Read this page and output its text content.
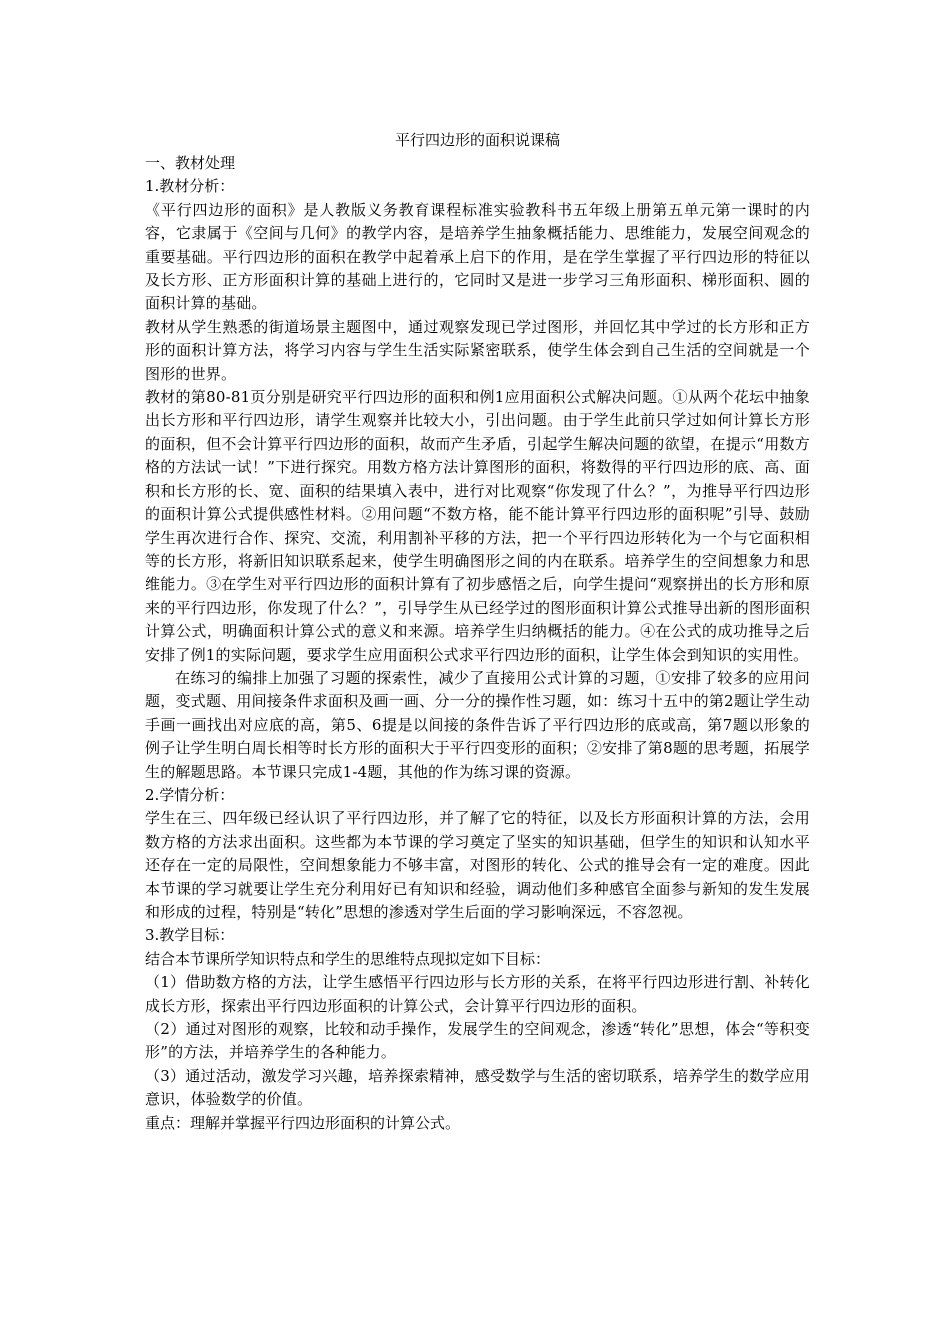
平行四边形的面积说课稿

一、教材处理

1.教材分析：

《平行四边形的面积》是人教版义务教育课程标准实验教科书五年级上册第五单元第一课时的内容，它隶属于《空间与几何》的教学内容，是培养学生抽象概括能力、思维能力，发展空间观念的重要基础。平行四边形的面积在教学中起着承上启下的作用，是在学生掌握了平行四边形的特征以及长方形、正方形面积计算的基础上进行的，它同时又是进一步学习三角形面积、梯形面积、圆的面积计算的基础。

教材从学生熟悉的街道场景主题图中，通过观察发现已学过图形，并回忆其中学过的长方形和正方形的面积计算方法，将学习内容与学生生活实际紧密联系，使学生体会到自己生活的空间就是一个图形的世界。

教材的第80-81页分别是研究平行四边形的面积和例1应用面积公式解决问题。①从两个花坛中抽象出长方形和平行四边形，请学生观察并比较大小，引出问题。由于学生此前只学过如何计算长方形的面积，但不会计算平行四边形的面积，故而产生矛盾，引起学生解决问题的欲望，在提示“用数方格的方法试一试！”下进行探究。用数方格方法计算图形的面积，将数得的平行四边形的底、高、面积和长方形的长、宽、面积的结果填入表中，进行对比观察“你发现了什么？”，为推导平行四边形的面积计算公式提供感性材料。②用问题“不数方格，能不能计算平行四边形的面积呢”引导、鼓励学生再次进行合作、探究、交流，利用割补平移的方法，把一个平行四边形转化为一个与它面积相等的长方形，将新旧知识联系起来，使学生明确图形之间的内在联系。培养学生的空间想象力和思维能力。③在学生对平行四边形的面积计算有了初步感悟之后，向学生提问“观察拼出的长方形和原来的平行四边形，你发现了什么？”，引导学生从已经学过的图形面积计算公式推导出新的图形面积计算公式，明确面积计算公式的意义和来源。培养学生归纳概括的能力。④在公式的成功推导之后安排了例1的实际问题，要求学生应用面积公式求平行四边形的面积，让学生体会到知识的实用性。

在练习的编排上加强了习题的探索性，减少了直接用公式计算的习题，①安排了较多的应用问题，变式题、用间接条件求面积及画一画、分一分的操作性习题，如：练习十五中的第2题让学生动手画一画找出对应底的高，第5、6提是以间接的条件告诉了平行四边形的底或高，第7题以形象的例子让学生明白周长相等时长方形的面积大于平行四变形的面积；②安排了第8题的思考题，拓展学生的解题思路。本节课只完成1-4题，其他的作为练习课的资源。

2.学情分析：

学生在三、四年级已经认识了平行四边形，并了解了它的特征，以及长方形面积计算的方法，会用数方格的方法求出面积。这些都为本节课的学习奠定了坚实的知识基础，但学生的知识和认知水平还存在一定的局限性，空间想象能力不够丰富，对图形的转化、公式的推导会有一定的难度。因此本节课的学习就要让学生充分利用好已有知识和经验，调动他们多种感官全面参与新知的发生发展和形成的过程，特别是“转化”思想的渗透对学生后面的学习影响深远，不容忽视。

3.教学目标：

结合本节课所学知识特点和学生的思维特点现拟定如下目标：

（1）借助数方格的方法，让学生感悟平行四边形与长方形的关系，在将平行四边形进行割、补转化成长方形，探索出平行四边形面积的计算公式，会计算平行四边形的面积。

（2）通过对图形的观察，比较和动手操作，发展学生的空间观念，渗透“转化”思想，体会“等积变形”的方法，并培养学生的各种能力。

（3）通过活动，激发学习兴趣，培养探索精神，感受数学与生活的密切联系，培养学生的数学应用意识，体验数学的价值。

重点：理解并掌握平行四边形面积的计算公式。
